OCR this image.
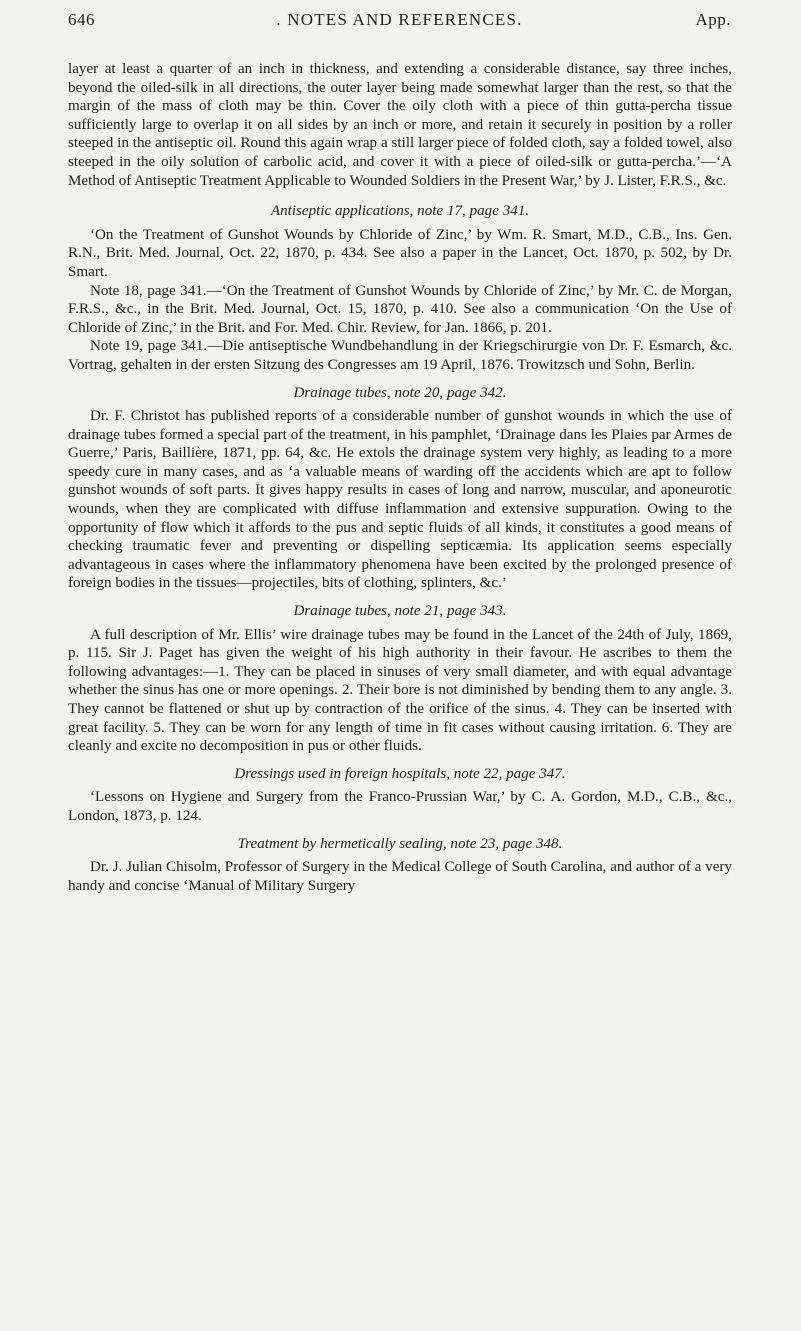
646	. NOTES AND REFERENCES.	App.

layer at least a quarter of an inch in thickness, and extending a considerable distance, say three inches, beyond the oiled-silk in all directions, the outer layer being made somewhat larger than the rest, so that the margin of the mass of cloth may be thin. Cover the oily cloth with a piece of thin gutta-percha tissue sufficiently large to overlap it on all sides by an inch or more, and retain it securely in position by a roller steeped in the antiseptic oil. Round this again wrap a still larger piece of folded cloth, say a folded towel, also steeped in the oily solution of carbolic acid, and cover it with a piece of oiled-silk or gutta-percha.’—‘A Method of Antiseptic Treatment Applicable to Wounded Soldiers in the Present War,’ by J. Lister, F.R.S., &c.

Antiseptic applications, note 17, page 341.

‘On the Treatment of Gunshot Wounds by Chloride of Zinc,’ by Wm. R. Smart, M.D., C.B., Ins. Gen. R.N., Brit. Med. Journal, Oct. 22, 1870, p. 434. See also a paper in the Lancet, Oct. 1870, p. 502, by Dr. Smart.

Note 18, page 341.—‘On the Treatment of Gunshot Wounds by Chloride of Zinc,’ by Mr. C. de Morgan, F.R.S., &c., in the Brit. Med. Journal, Oct. 15, 1870, p. 410. See also a communication ‘On the Use of Chloride of Zinc,’ in the Brit. and For. Med. Chir. Review, for Jan. 1866, p. 201.

Note 19, page 341.—Die antiseptische Wundbehandlung in der Kriegschirurgie von Dr. F. Esmarch, &c. Vortrag, gehalten in der ersten Sitzung des Congresses am 19 April, 1876. Trowitzsch und Sohn, Berlin.

Drainage tubes, note 20, page 342.

Dr. F. Christot has published reports of a considerable number of gunshot wounds in which the use of drainage tubes formed a special part of the treatment, in his pamphlet, ‘Drainage dans les Plaies par Armes de Guerre,’ Paris, Baillière, 1871, pp. 64, &c. He extols the drainage system very highly, as leading to a more speedy cure in many cases, and as ‘a valuable means of warding off the accidents which are apt to follow gunshot wounds of soft parts. It gives happy results in cases of long and narrow, muscular, and aponeurotic wounds, when they are complicated with diffuse inflammation and extensive suppuration. Owing to the opportunity of flow which it affords to the pus and septic fluids of all kinds, it constitutes a good means of checking traumatic fever and preventing or dispelling septicæmia. Its application seems especially advantageous in cases where the inflammatory phenomena have been excited by the prolonged presence of foreign bodies in the tissues—projectiles, bits of clothing, splinters, &c.’

Drainage tubes, note 21, page 343.

A full description of Mr. Ellis’ wire drainage tubes may be found in the Lancet of the 24th of July, 1869, p. 115. Sir J. Paget has given the weight of his high authority in their favour. He ascribes to them the following advantages:—1. They can be placed in sinuses of very small diameter, and with equal advantage whether the sinus has one or more openings. 2. Their bore is not diminished by bending them to any angle. 3. They cannot be flattened or shut up by contraction of the orifice of the sinus. 4. They can be inserted with great facility. 5. They can be worn for any length of time in fit cases without causing irritation. 6. They are cleanly and excite no decomposition in pus or other fluids.

Dressings used in foreign hospitals, note 22, page 347.

‘Lessons on Hygiene and Surgery from the Franco-Prussian War,’ by C. A. Gordon, M.D., C.B., &c., London, 1873, p. 124.

Treatment by hermetically sealing, note 23, page 348.

Dr. J. Julian Chisolm, Professor of Surgery in the Medical College of South Carolina, and author of a very handy and concise ‘Manual of Military Surgery
